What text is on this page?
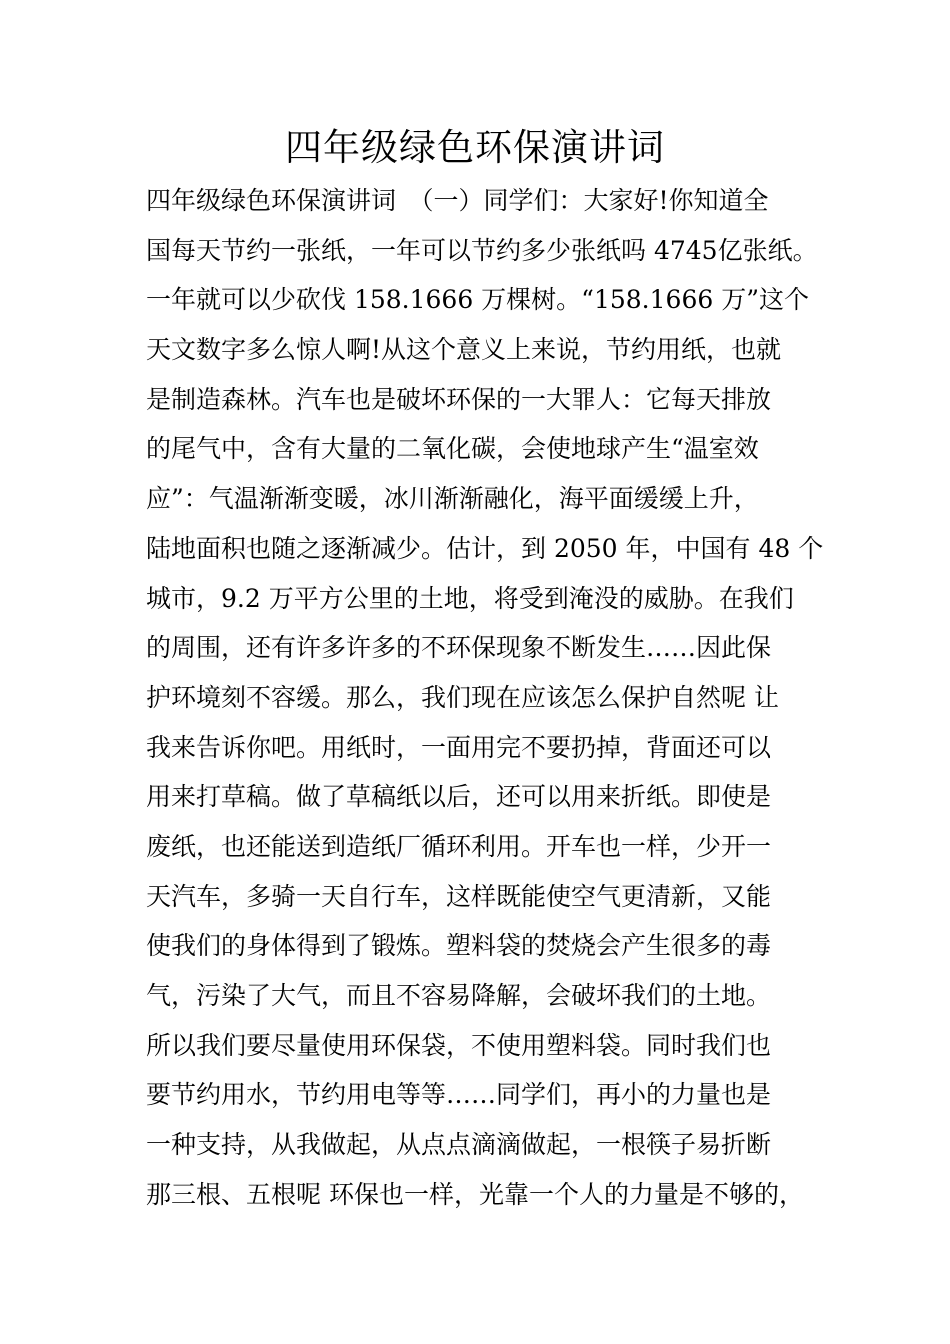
四年级绿色环保演讲词
四年级绿色环保演讲词　（一）同学们：大家好!你知道全
国每天节约一张纸，一年可以节约多少张纸吗 4745亿张纸。
一年就可以少砍伐 158.1666 万棵树。“158.1666 万”这个
天文数字多么惊人啊!从这个意义上来说，节约用纸，也就
是制造森林。汽车也是破坏环保的一大罪人：它每天排放
的尾气中，含有大量的二氧化碳，会使地球产生“温室效
应”：气温渐渐变暖，冰川渐渐融化，海平面缓缓上升，
陆地面积也随之逐渐减少。估计，到 2050 年，中国有 48 个
城市，9.2 万平方公里的土地，将受到淹没的威胁。在我们
的周围，还有许多许多的不环保现象不断发生……因此保
护环境刻不容缓。那么，我们现在应该怎么保护自然呢 让
我来告诉你吧。用纸时，一面用完不要扔掉，背面还可以
用来打草稿。做了草稿纸以后，还可以用来折纸。即使是
废纸，也还能送到造纸厂循环利用。开车也一样，少开一
天汽车，多骑一天自行车，这样既能使空气更清新，又能
使我们的身体得到了锻炼。塑料袋的焚烧会产生很多的毒
气，污染了大气，而且不容易降解，会破坏我们的土地。
所以我们要尽量使用环保袋，不使用塑料袋。同时我们也
要节约用水，节约用电等等……同学们，再小的力量也是
一种支持，从我做起，从点点滴滴做起，一根筷子易折断
那三根、五根呢 环保也一样，光靠一个人的力量是不够的，
